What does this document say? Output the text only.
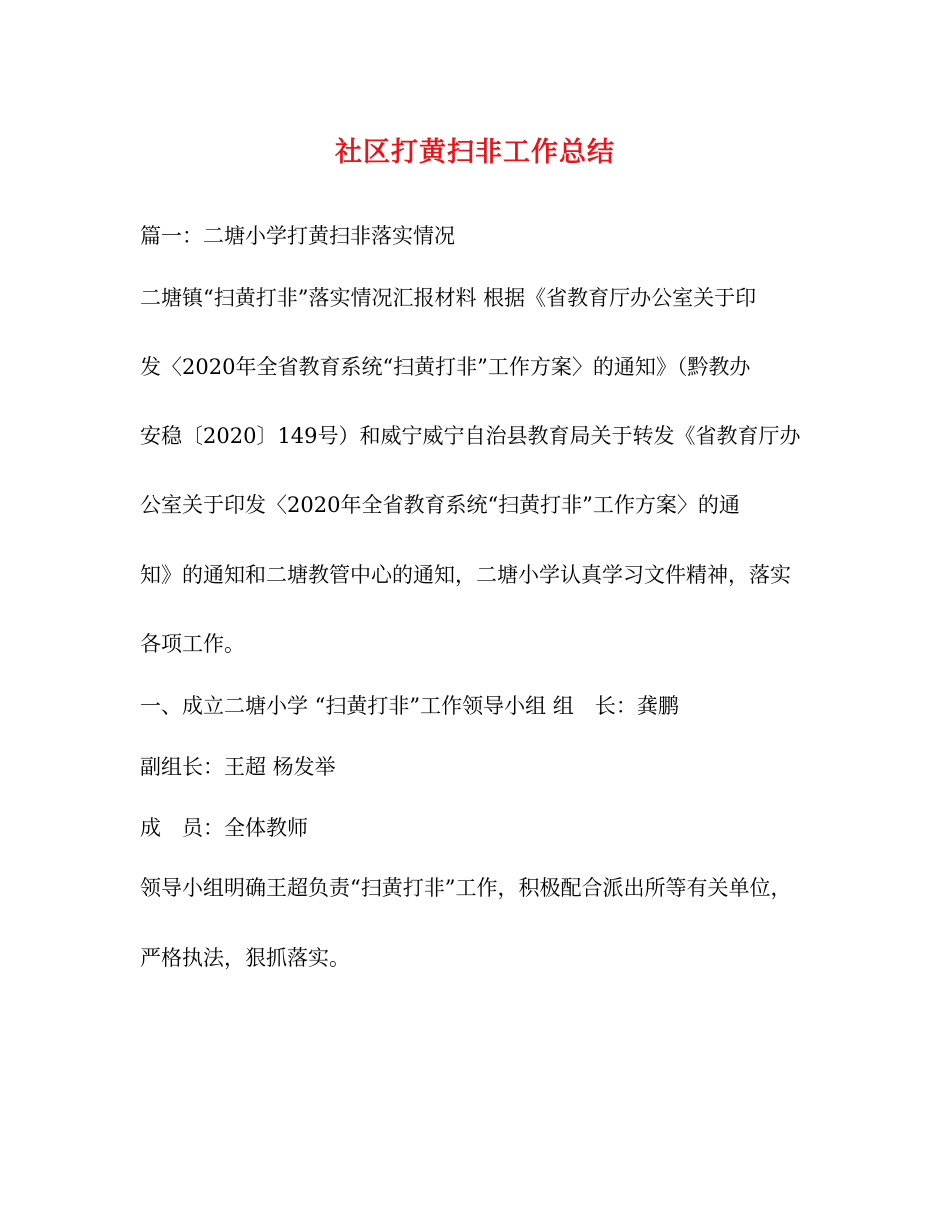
社区打黄扫非工作总结
篇一：二塘小学打黄扫非落实情况
二塘镇“扫黄打非”落实情况汇报材料 根据《省教育厅办公室关于印
发〈2020年全省教育系统“扫黄打非”工作方案〉的通知》（黔教办
安稳〔2020〕149号）和威宁威宁自治县教育局关于转发《省教育厅办
公室关于印发〈2020年全省教育系统“扫黄打非”工作方案〉的通
知》的通知和二塘教管中心的通知，二塘小学认真学习文件精神，落实
各项工作。
一、成立二塘小学 “扫黄打非”工作领导小组 组　长：龚鹏
副组长：王超 杨发举
成　员：全体教师
领导小组明确王超负责“扫黄打非”工作，积极配合派出所等有关单位，
严格执法，狠抓落实。
